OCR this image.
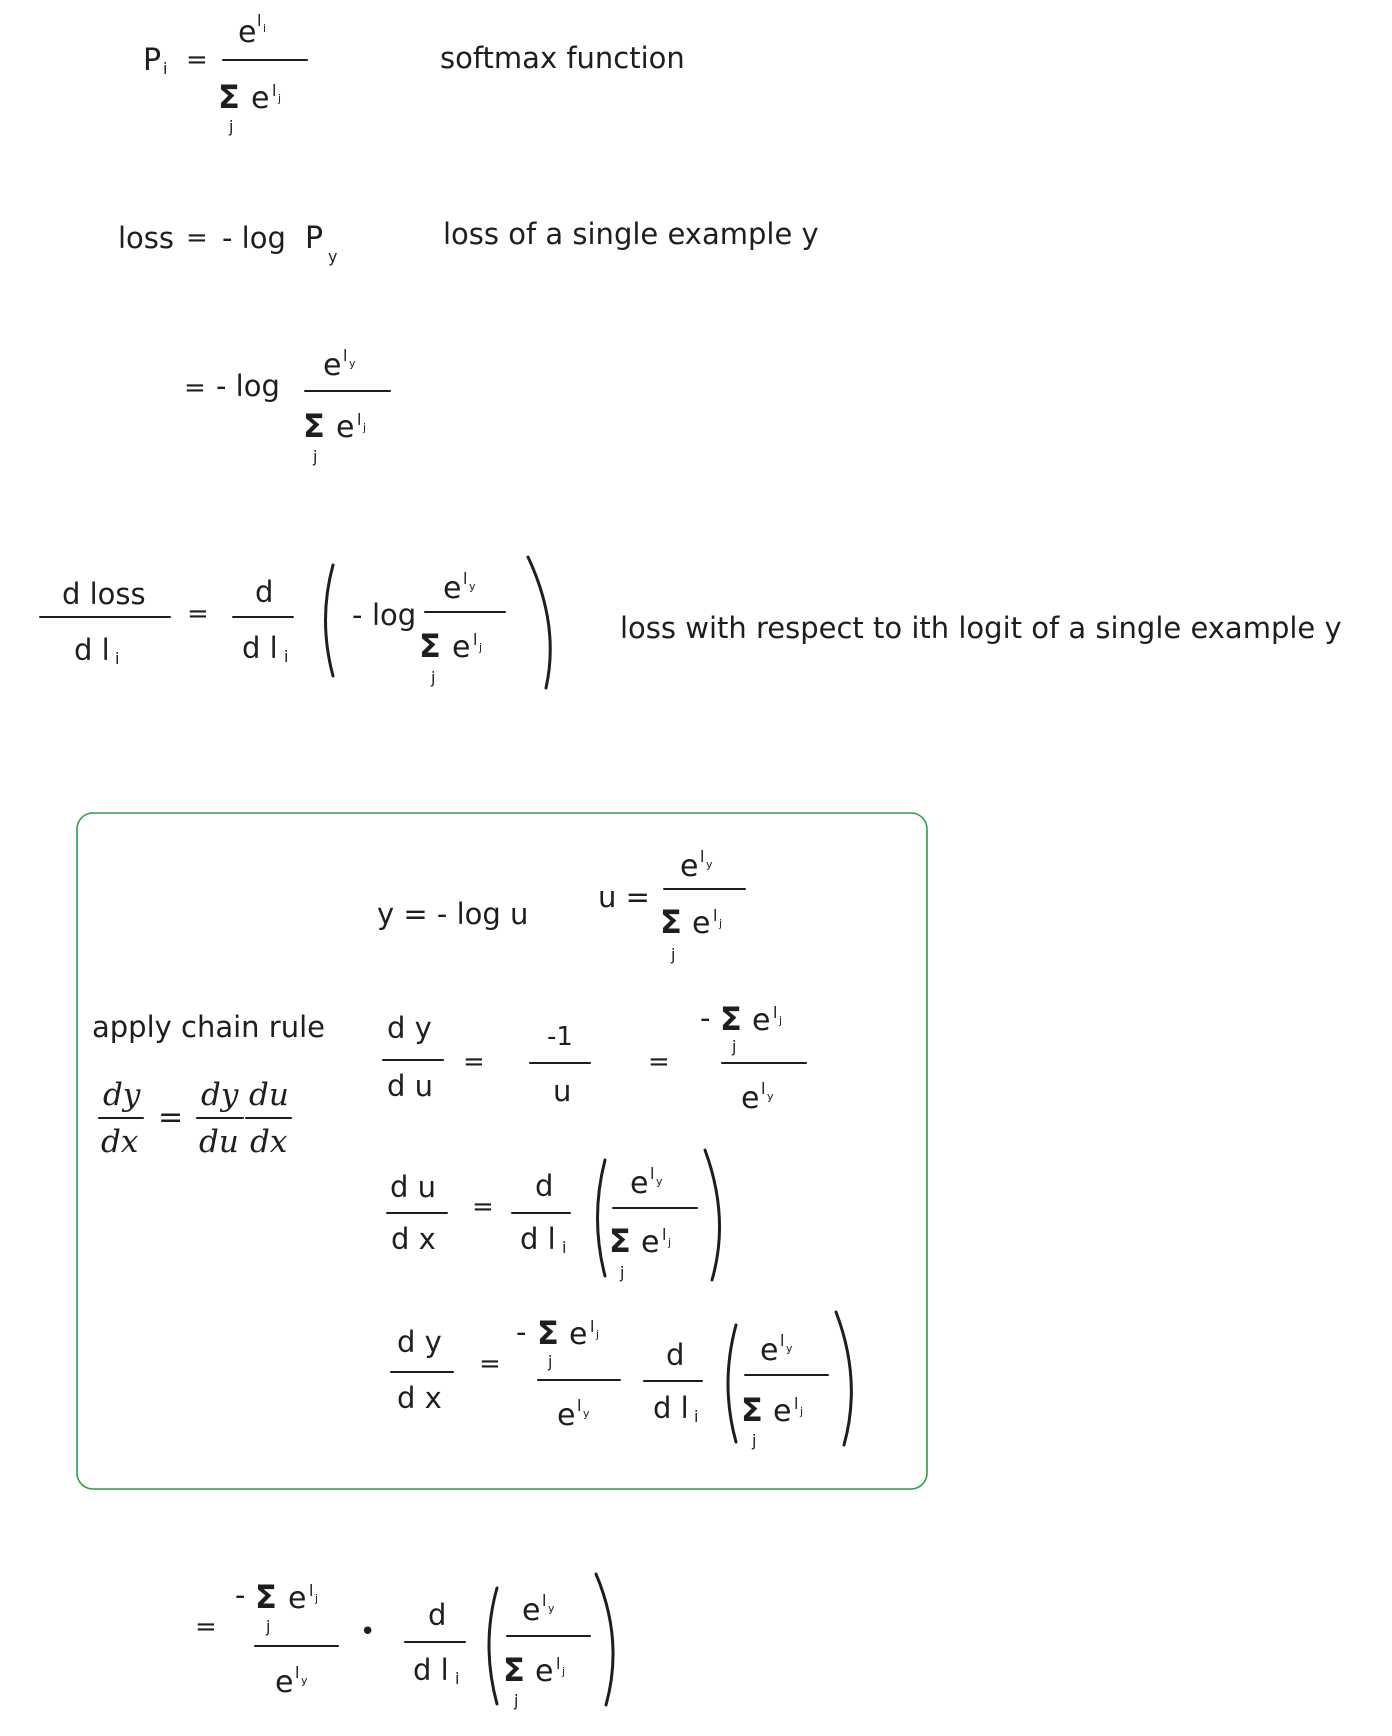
P i =
e l i
Σ e l j
j
softmax function
loss = - log P
y
loss of a single example y
= - log
e l y
Σ e l j
j
d loss
d l i
=
d
d l i
- log
e l y
Σ e l j
j
loss with respect to ith logit of a single example y
apply chain rule
dy
dx
=
dy
du
du
dx
y = - log u u =
e l y
Σ e l j
j
d y
d u
=
-1
u
=
- Σ e l j
j
e l y
d u
d x
=
d
d l i
e l y
Σ e l j
j
d y
d x
=
- Σ e l j
j
e l y
d
d l i
e l y
Σ e l j
j
=
- Σ e l j
j
e l y
• d
d l i
e l y
Σ e l j
j
